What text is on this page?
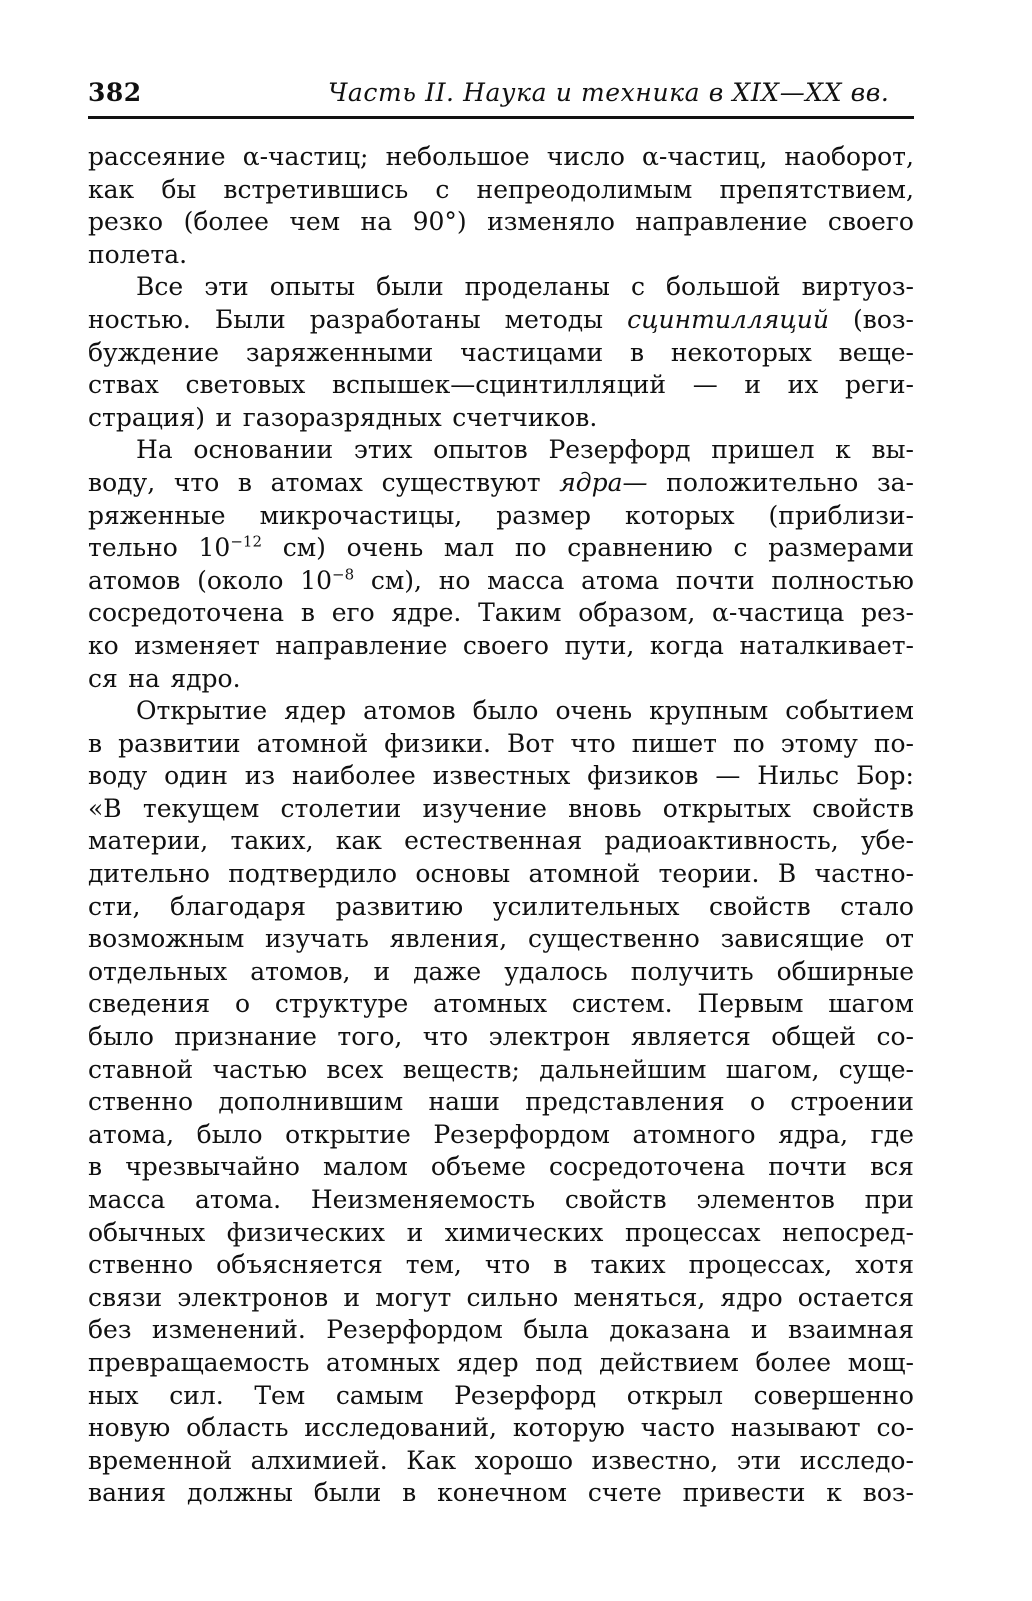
382	Часть II. Наука и техника в XIX—XX вв.
рассеяние α-частиц; небольшое число α-частиц, наоборот,
как бы встретившись с непреодолимым препятствием,
резко (более чем на 90°) изменяло направление своего
полета.
Все эти опыты были проделаны с большой виртуоз-
ностью. Были разработаны методы сцинтилляций (воз-
буждение заряженными частицами в некоторых веще-
ствах световых вспышек—сцинтилляций — и их реги-
страция) и газоразрядных счетчиков.
На основании этих опытов Резерфорд пришел к вы-
воду, что в атомах существуют ядра— положительно за-
ряженные микрочастицы, размер которых (приблизи-
тельно $10^{-12}$ см) очень мал по сравнению с размерами
атомов (около $10^{-8}$ см), но масса атома почти полностью
сосредоточена в его ядре. Таким образом, α-частица рез-
ко изменяет направление своего пути, когда наталкивает-
ся на ядро.
Открытие ядер атомов было очень крупным событием
в развитии атомной физики. Вот что пишет по этому по-
воду один из наиболее известных физиков — Нильс Бор:
«В текущем столетии изучение вновь открытых свойств
материи, таких, как естественная радиоактивность, убе-
дительно подтвердило основы атомной теории. В частно-
сти, благодаря развитию усилительных свойств стало
возможным изучать явления, существенно зависящие от
отдельных атомов, и даже удалось получить обширные
сведения о структуре атомных систем. Первым шагом
было признание того, что электрон является общей со-
ставной частью всех веществ; дальнейшим шагом, суще-
ственно дополнившим наши представления о строении
атома, было открытие Резерфордом атомного ядра, где
в чрезвычайно малом объеме сосредоточена почти вся
масса атома. Неизменяемость свойств элементов при
обычных физических и химических процессах непосред-
ственно объясняется тем, что в таких процессах, хотя
связи электронов и могут сильно меняться, ядро остается
без изменений. Резерфордом была доказана и взаимная
превращаемость атомных ядер под действием более мощ-
ных сил. Тем самым Резерфорд открыл совершенно
новую область исследований, которую часто называют со-
временной алхимией. Как хорошо известно, эти исследо-
вания должны были в конечном счете привести к воз-
